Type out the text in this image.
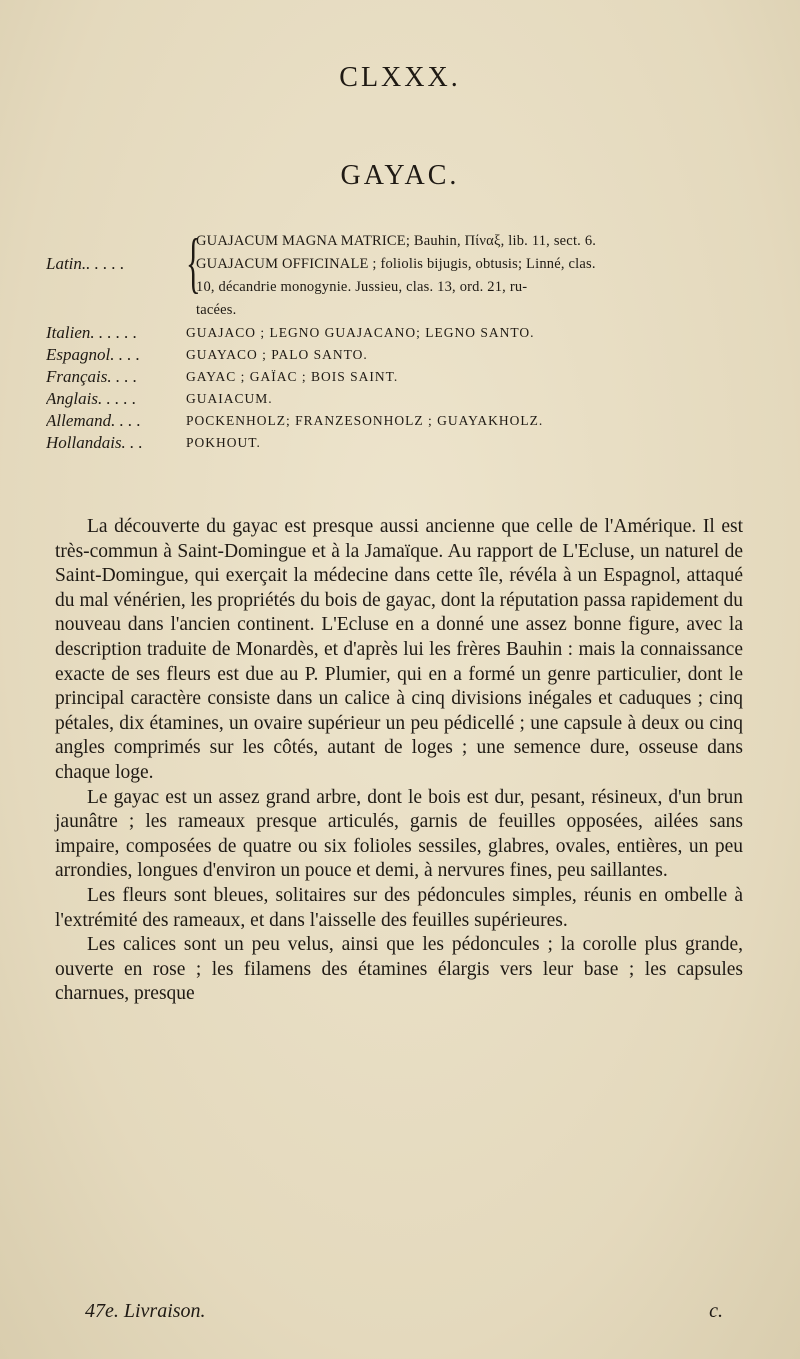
CLXXX.
GAYAC.
Latin.. . . . . {
GUAJACUM MAGNA MATRICE; Bauhin, Πίναξ, lib. 11, sect. 6.
GUAJACUM OFFICINALE ; foliolis bijugis, obtusis; Linné, clas.
10, décandrie monogynie. Jussieu, clas. 13, ord. 21, ru-
tacées.
Italien. . . . . .	GUAJACO ; LEGNO GUAJACANO; LEGNO SANTO.
Espagnol. . . .	GUAYACO ; PALO SANTO.
Français. . . .	GAYAC ; GAÏAC ; BOIS SAINT.
Anglais. . . . .	GUAIACUM.
Allemand. . . .	POCKENHOLZ; FRANZESONHOLZ ; GUAYAKHOLZ.
Hollandais. . .	POKHOUT.

La découverte du gayac est presque aussi ancienne que celle de l'Amérique. Il est très-commun à Saint-Domingue et à la Jamaïque. Au rapport de L'Ecluse, un naturel de Saint-Domingue, qui exerçait la médecine dans cette île, révéla à un Espagnol, attaqué du mal vénérien, les propriétés du bois de gayac, dont la réputation passa rapidement du nouveau dans l'ancien continent. L'Ecluse en a donné une assez bonne figure, avec la description traduite de Monardès, et d'après lui les frères Bauhin : mais la connaissance exacte de ses fleurs est due au P. Plumier, qui en a formé un genre particulier, dont le principal caractère consiste dans un calice à cinq divisions inégales et caduques ; cinq pétales, dix étamines, un ovaire supérieur un peu pédicellé ; une capsule à deux ou cinq angles comprimés sur les côtés, autant de loges ; une semence dure, osseuse dans chaque loge.

Le gayac est un assez grand arbre, dont le bois est dur, pesant, résineux, d'un brun jaunâtre ; les rameaux presque articulés, garnis de feuilles opposées, ailées sans impaire, composées de quatre ou six folioles sessiles, glabres, ovales, entières, un peu arrondies, longues d'environ un pouce et demi, à nervures fines, peu saillantes.

Les fleurs sont bleues, solitaires sur des pédoncules simples, réunis en ombelle à l'extrémité des rameaux, et dans l'aisselle des feuilles supérieures.

Les calices sont un peu velus, ainsi que les pédoncules ; la corolle plus grande, ouverte en rose ; les filamens des étamines élargis vers leur base ; les capsules charnues, presque

47e. Livraison.	c.
